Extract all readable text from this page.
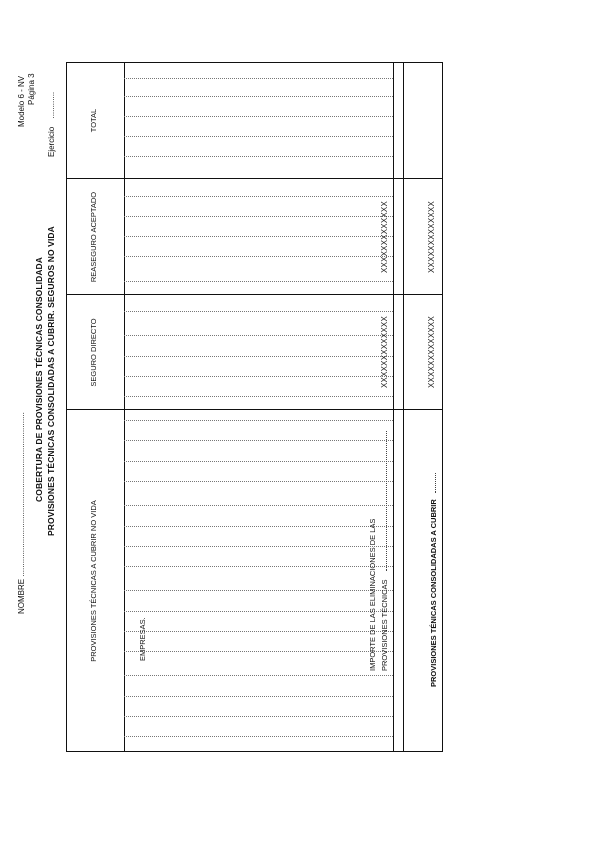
NOMBRE ..........................................................................
Modelo 6 - NV Página 3
Ejercicio ............
COBERTURA DE PROVISIONES TÉCNICAS CONSOLIDADA PROVISIONES TÉCNICAS CONSOLIDADAS A CUBRIR. SEGUROS NO VIDA
PROVISIONES TÉCNICAS A CUBRIR NO VIDA
SEGURO DIRECTO
REASEGURO ACEPTADO
TOTAL
EMPRESAS.	IMPORTE DE LAS ELIMINACIONES DE LAS PROVISIONES TÉCNICAS	PROVISIONES TÉNICAS CONSOLIDADAS A CUBRIR
XXXXXXXXXXXXX
XXXXXXXXXXXXX
XXXXXXXXXXXXX
XXXXXXXXXXXXX
